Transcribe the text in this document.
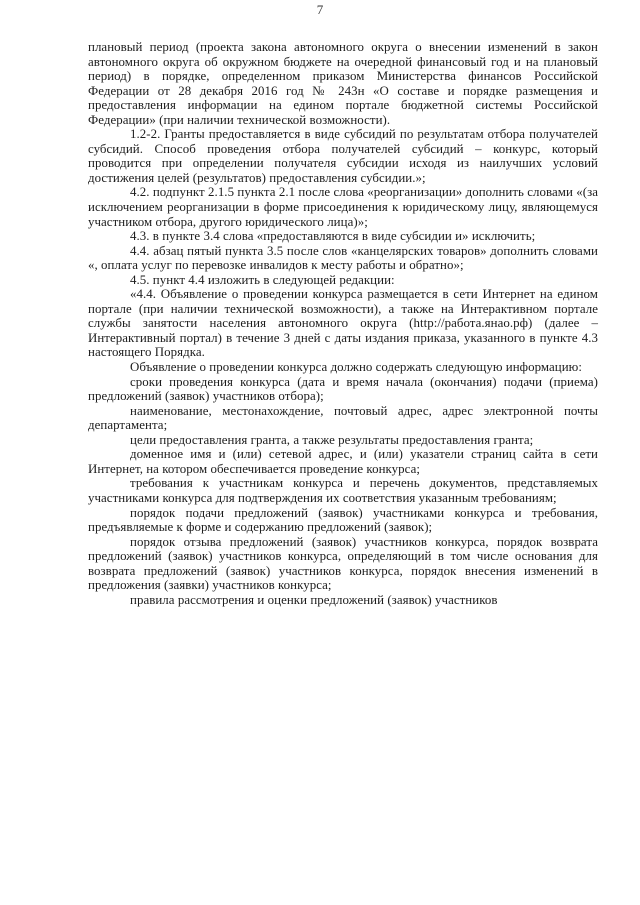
7

плановый период (проекта закона автономного округа о внесении изменений в закон автономного округа об окружном бюджете на очередной финансовый год и на плановый период) в порядке, определенном приказом Министерства финансов Российской Федерации от 28 декабря 2016 год № 243н «О составе и порядке размещения и предоставления информации на едином портале бюджетной системы Российской Федерации» (при наличии технической возможности).

1.2-2. Гранты предоставляется в виде субсидий по результатам отбора получателей субсидий. Способ проведения отбора получателей субсидий – конкурс, который проводится при определении получателя субсидии исходя из наилучших условий достижения целей (результатов) предоставления субсидии.»;

4.2. подпункт 2.1.5 пункта 2.1 после слова «реорганизации» дополнить словами «(за исключением реорганизации в форме присоединения к юридическому лицу, являющемуся участником отбора, другого юридического лица)»;

4.3. в пункте 3.4 слова «предоставляются в виде субсидии и» исключить;

4.4. абзац пятый пункта 3.5 после слов «канцелярских товаров» дополнить словами «, оплата услуг по перевозке инвалидов к месту работы и обратно»;

4.5. пункт 4.4 изложить в следующей редакции:

«4.4. Объявление о проведении конкурса размещается в сети Интернет на едином портале (при наличии технической возможности), а также на Интерактивном портале службы занятости населения автономного округа (http://работа.янао.рф) (далее – Интерактивный портал) в течение 3 дней с даты издания приказа, указанного в пункте 4.3 настоящего Порядка.

Объявление о проведении конкурса должно содержать следующую информацию:

сроки проведения конкурса (дата и время начала (окончания) подачи (приема) предложений (заявок) участников отбора);

наименование, местонахождение, почтовый адрес, адрес электронной почты департамента;

цели предоставления гранта, а также результаты предоставления гранта;

доменное имя и (или) сетевой адрес, и (или) указатели страниц сайта в сети Интернет, на котором обеспечивается проведение конкурса;

требования к участникам конкурса и перечень документов, представляемых участниками конкурса для подтверждения их соответствия указанным требованиям;

порядок подачи предложений (заявок) участниками конкурса и требования, предъявляемые к форме и содержанию предложений (заявок);

порядок отзыва предложений (заявок) участников конкурса, порядок возврата предложений (заявок) участников конкурса, определяющий в том числе основания для возврата предложений (заявок) участников конкурса, порядок внесения изменений в предложения (заявки) участников конкурса;

правила рассмотрения и оценки предложений (заявок) участников
